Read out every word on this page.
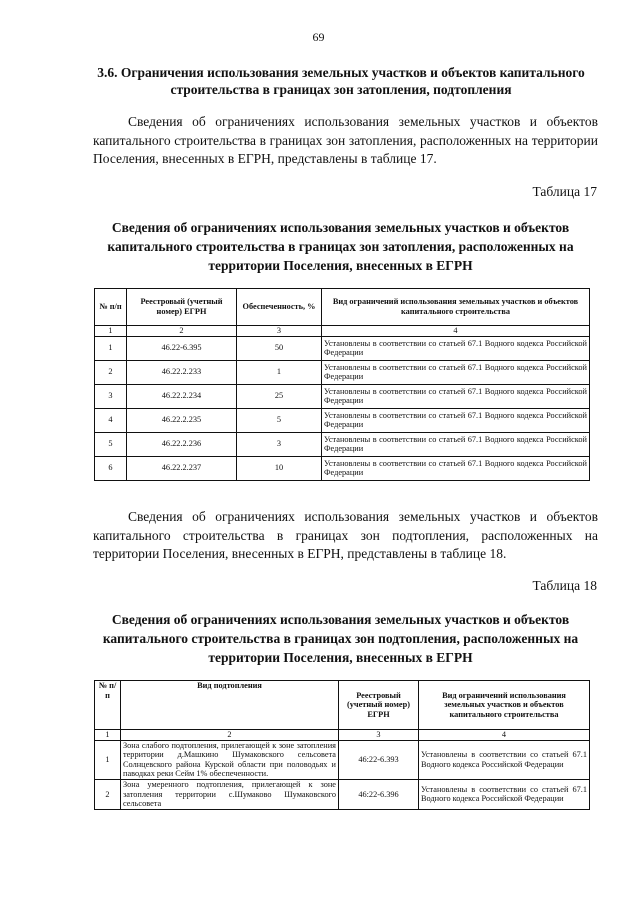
69
3.6. Ограничения использования земельных участков и объектов капитального строительства в границах зон затопления, подтопления
Сведения об ограничениях использования земельных участков и объектов капитального строительства в границах зон затопления, расположенных на территории Поселения, внесенных в ЕГРН, представлены в таблице 17.
Таблица 17
Сведения об ограничениях использования земельных участков и объектов капитального строительства в границах зон затопления, расположенных на территории Поселения, внесенных в ЕГРН
№ п/п	Реестровый (учетный номер) ЕГРН	Обеспеченность, %	Вид ограничений использования земельных участков и объектов капитального строительства
1	2	3	4
1	46.22-6.395	50	Установлены в соответствии со статьей 67.1 Водного кодекса Российской Федерации
2	46.22.2.233	1	Установлены в соответствии со статьей 67.1 Водного кодекса Российской Федерации
3	46.22.2.234	25	Установлены в соответствии со статьей 67.1 Водного кодекса Российской Федерации
4	46.22.2.235	5	Установлены в соответствии со статьей 67.1 Водного кодекса Российской Федерации
5	46.22.2.236	3	Установлены в соответствии со статьей 67.1 Водного кодекса Российской Федерации
6	46.22.2.237	10	Установлены в соответствии со статьей 67.1 Водного кодекса Российской Федерации
Сведения об ограничениях использования земельных участков и объектов капитального строительства в границах зон подтопления, расположенных на территории Поселения, внесенных в ЕГРН, представлены в таблице 18.
Таблица 18
Сведения об ограничениях использования земельных участков и объектов капитального строительства в границах зон подтопления, расположенных на территории Поселения, внесенных в ЕГРН
№ п/п	Вид подтопления	Реестровый (учетный номер) ЕГРН	Вид ограничений использования земельных участков и объектов капитального строительства
1	2	3	4
1	Зона слабого подтопления, прилегающей к зоне затопления территории д.Машкино Шумаковского сельсовета Солнцевского района Курской области при половодьях и паводках реки Сейм 1% обеспеченности.	46:22-6.393	Установлены в соответствии со статьей 67.1 Водного кодекса Российской Федерации
2	Зона умеренного подтопления, прилегающей к зоне затопления территории с.Шумаково Шумаковского сельсовета	46:22-6.396	Установлены в соответствии со статьей 67.1 Водного кодекса Российской Федерации
